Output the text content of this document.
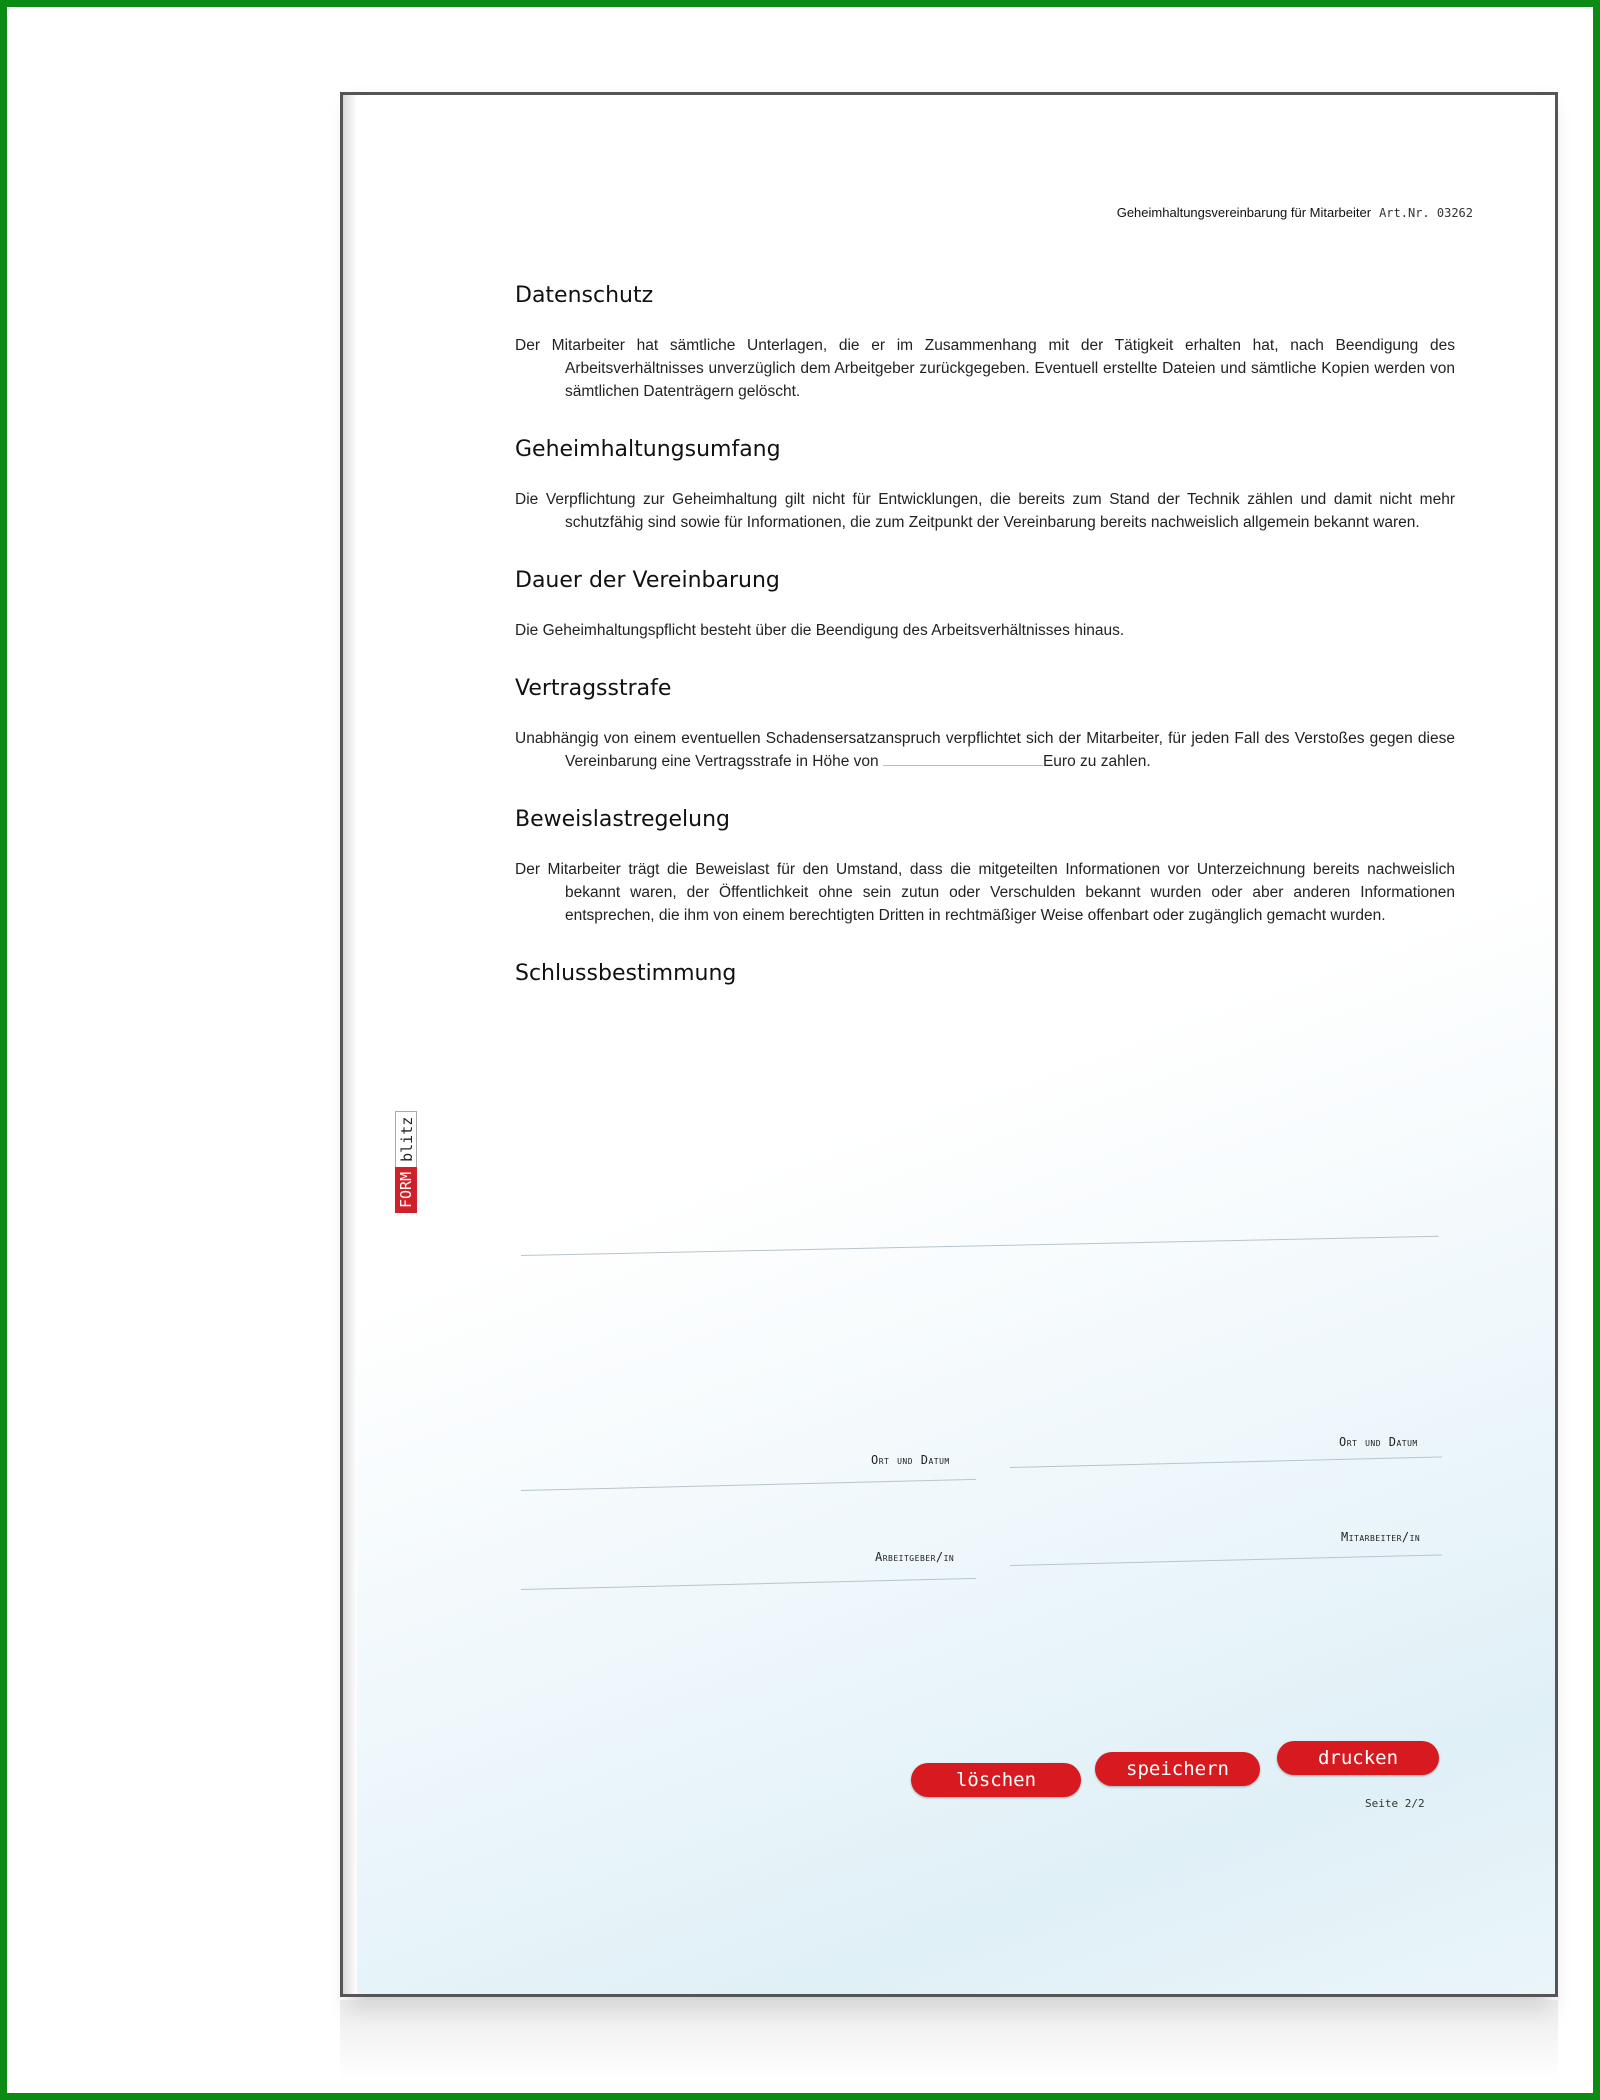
Geheimhaltungsvereinbarung für Mitarbeiter Art.Nr. 03262
FORM
blitz
Datenschutz

Der Mitarbeiter hat sämtliche Unterlagen, die er im Zusammenhang mit der Tätigkeit erhalten hat, nach Beendigung des Arbeitsverhältnisses unverzüglich dem Arbeitgeber zurückgegeben. Eventuell erstellte Dateien und sämtliche Kopien werden von sämtlichen Datenträgern gelöscht.

Geheimhaltungsumfang

Die Verpflichtung zur Geheimhaltung gilt nicht für Entwicklungen, die bereits zum Stand der Technik zählen und damit nicht mehr schutzfähig sind sowie für Informationen, die zum Zeitpunkt der Vereinbarung bereits nachweislich allgemein bekannt waren.

Dauer der Vereinbarung

Die Geheimhaltungspflicht besteht über die Beendigung des Arbeitsverhältnisses hinaus.

Vertragsstrafe

Unabhängig von einem eventuellen Schadensersatzanspruch verpflichtet sich der Mitarbeiter, für jeden Fall des Verstoßes gegen diese Vereinbarung eine Vertragsstrafe in Höhe von	Euro zu zahlen.

Beweislastregelung

Der Mitarbeiter trägt die Beweislast für den Umstand, dass die mitgeteilten Informationen vor Unterzeichnung bereits nachweislich bekannt waren, der Öffentlichkeit ohne sein zutun oder Verschulden bekannt wurden oder aber anderen Informationen entsprechen, die ihm von einem berechtigten Dritten in rechtmäßiger Weise offenbart oder zugänglich gemacht wurden.

Schlussbestimmung
Ort und Datum
Ort und Datum
Arbeitgeber/in
Mitarbeiter/in
löschen	speichern	drucken
Seite 2/2
